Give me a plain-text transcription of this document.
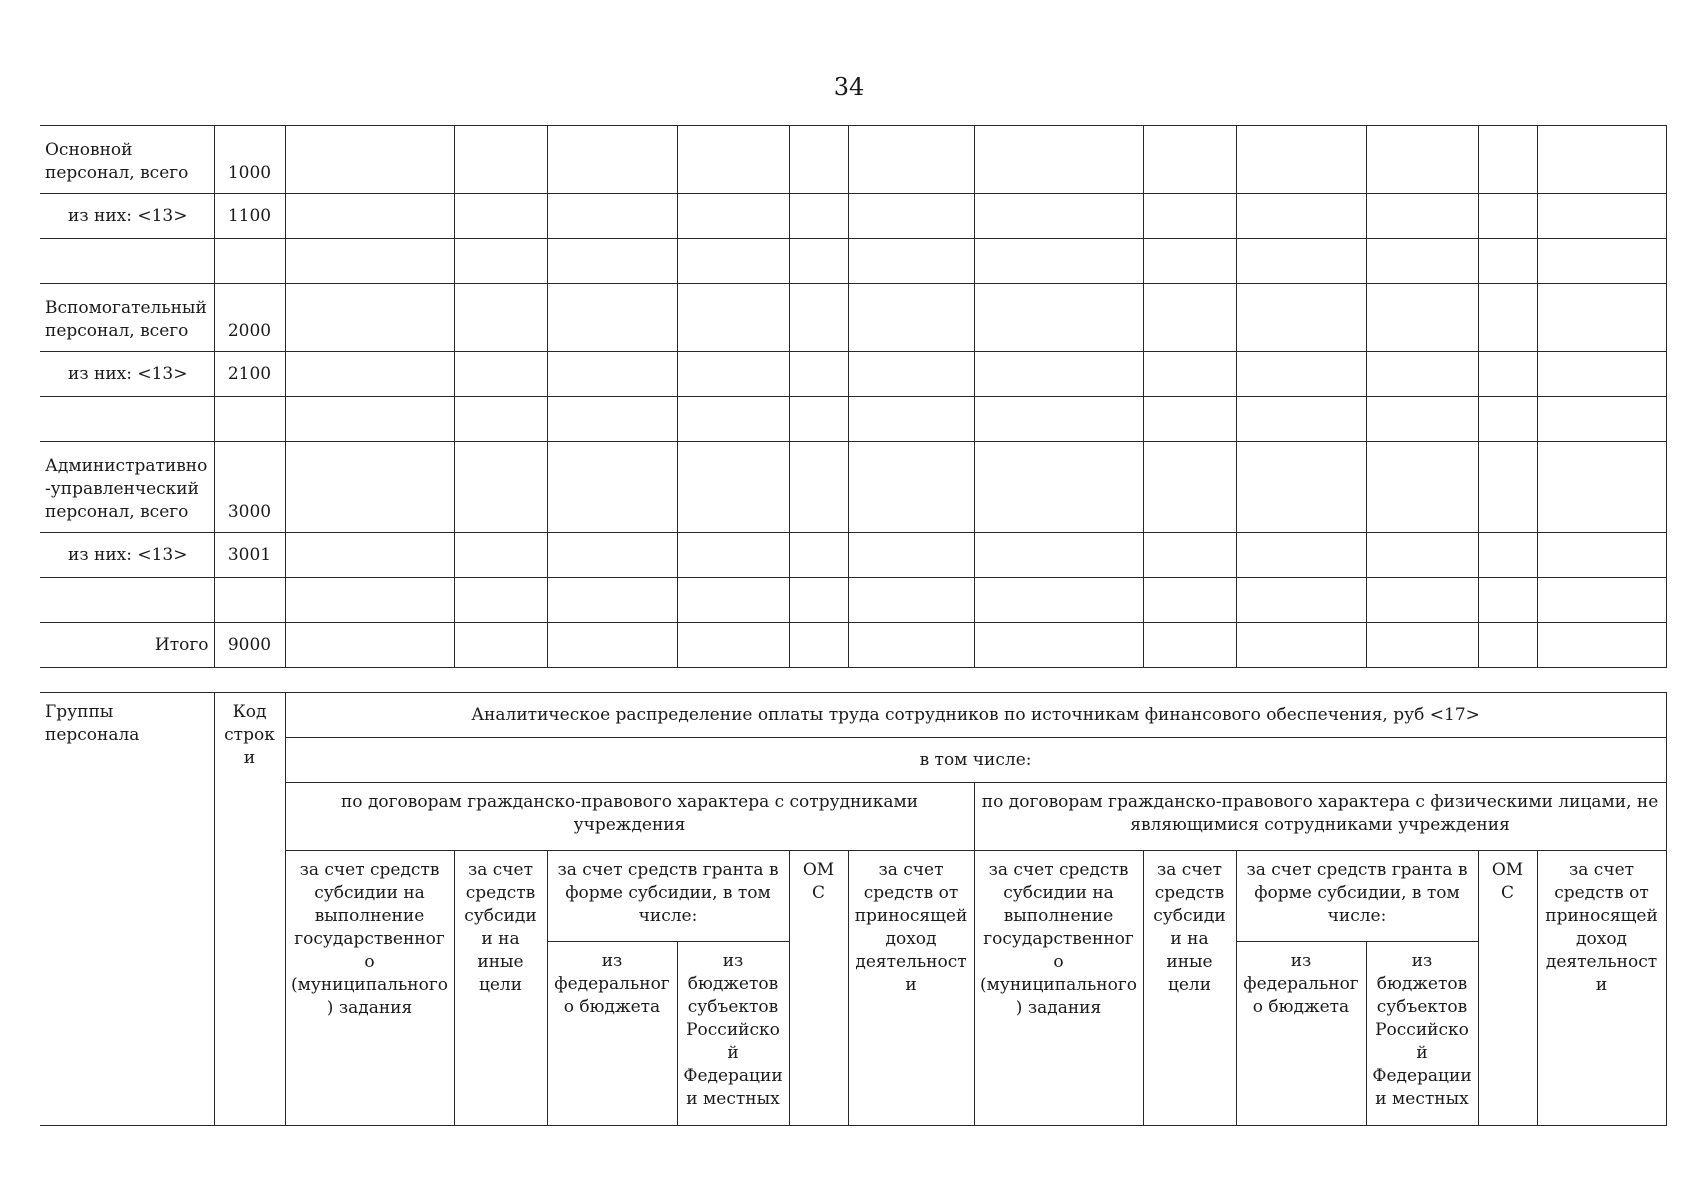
34
Основной персонал, всего	1000												
из них: <13>	1100												

Вспомогательный персонал, всего	2000												
из них: <13>	2100												

Административно-управленческий персонал, всего	3000												
из них: <13>	3001												

Итого	9000												
Группы персонала	Код строк и	Аналитическое распределение оплаты труда сотрудников по источникам финансового обеспечения, руб <17>											
		в том числе:											
		по договорам гражданско-правового характера с сотрудниками учреждения						по договорам гражданско-правового характера с физическими лицами, не являющимися сотрудниками учреждения					
		за счет средств субсидии на выполнение государственного (муниципального ) задания	за счет средств субсиди и на иные цели	за счет средств гранта в форме субсидии, в том числе:		ОМ С	за счет средств от приносящей доход деятельност и	за счет средств субсидии на выполнение государственного (муниципального ) задания	за счет средств субсиди и на иные цели	за счет средств гранта в форме субсидии, в том числе:		ОМ С	за счет средств от приносящей доход деятельност и
				из федеральног о бюджета	из бюджетов субъектов Российско й Федерации и местных					из федеральног о бюджета	из бюджетов субъектов Российско й Федерации и местных		
